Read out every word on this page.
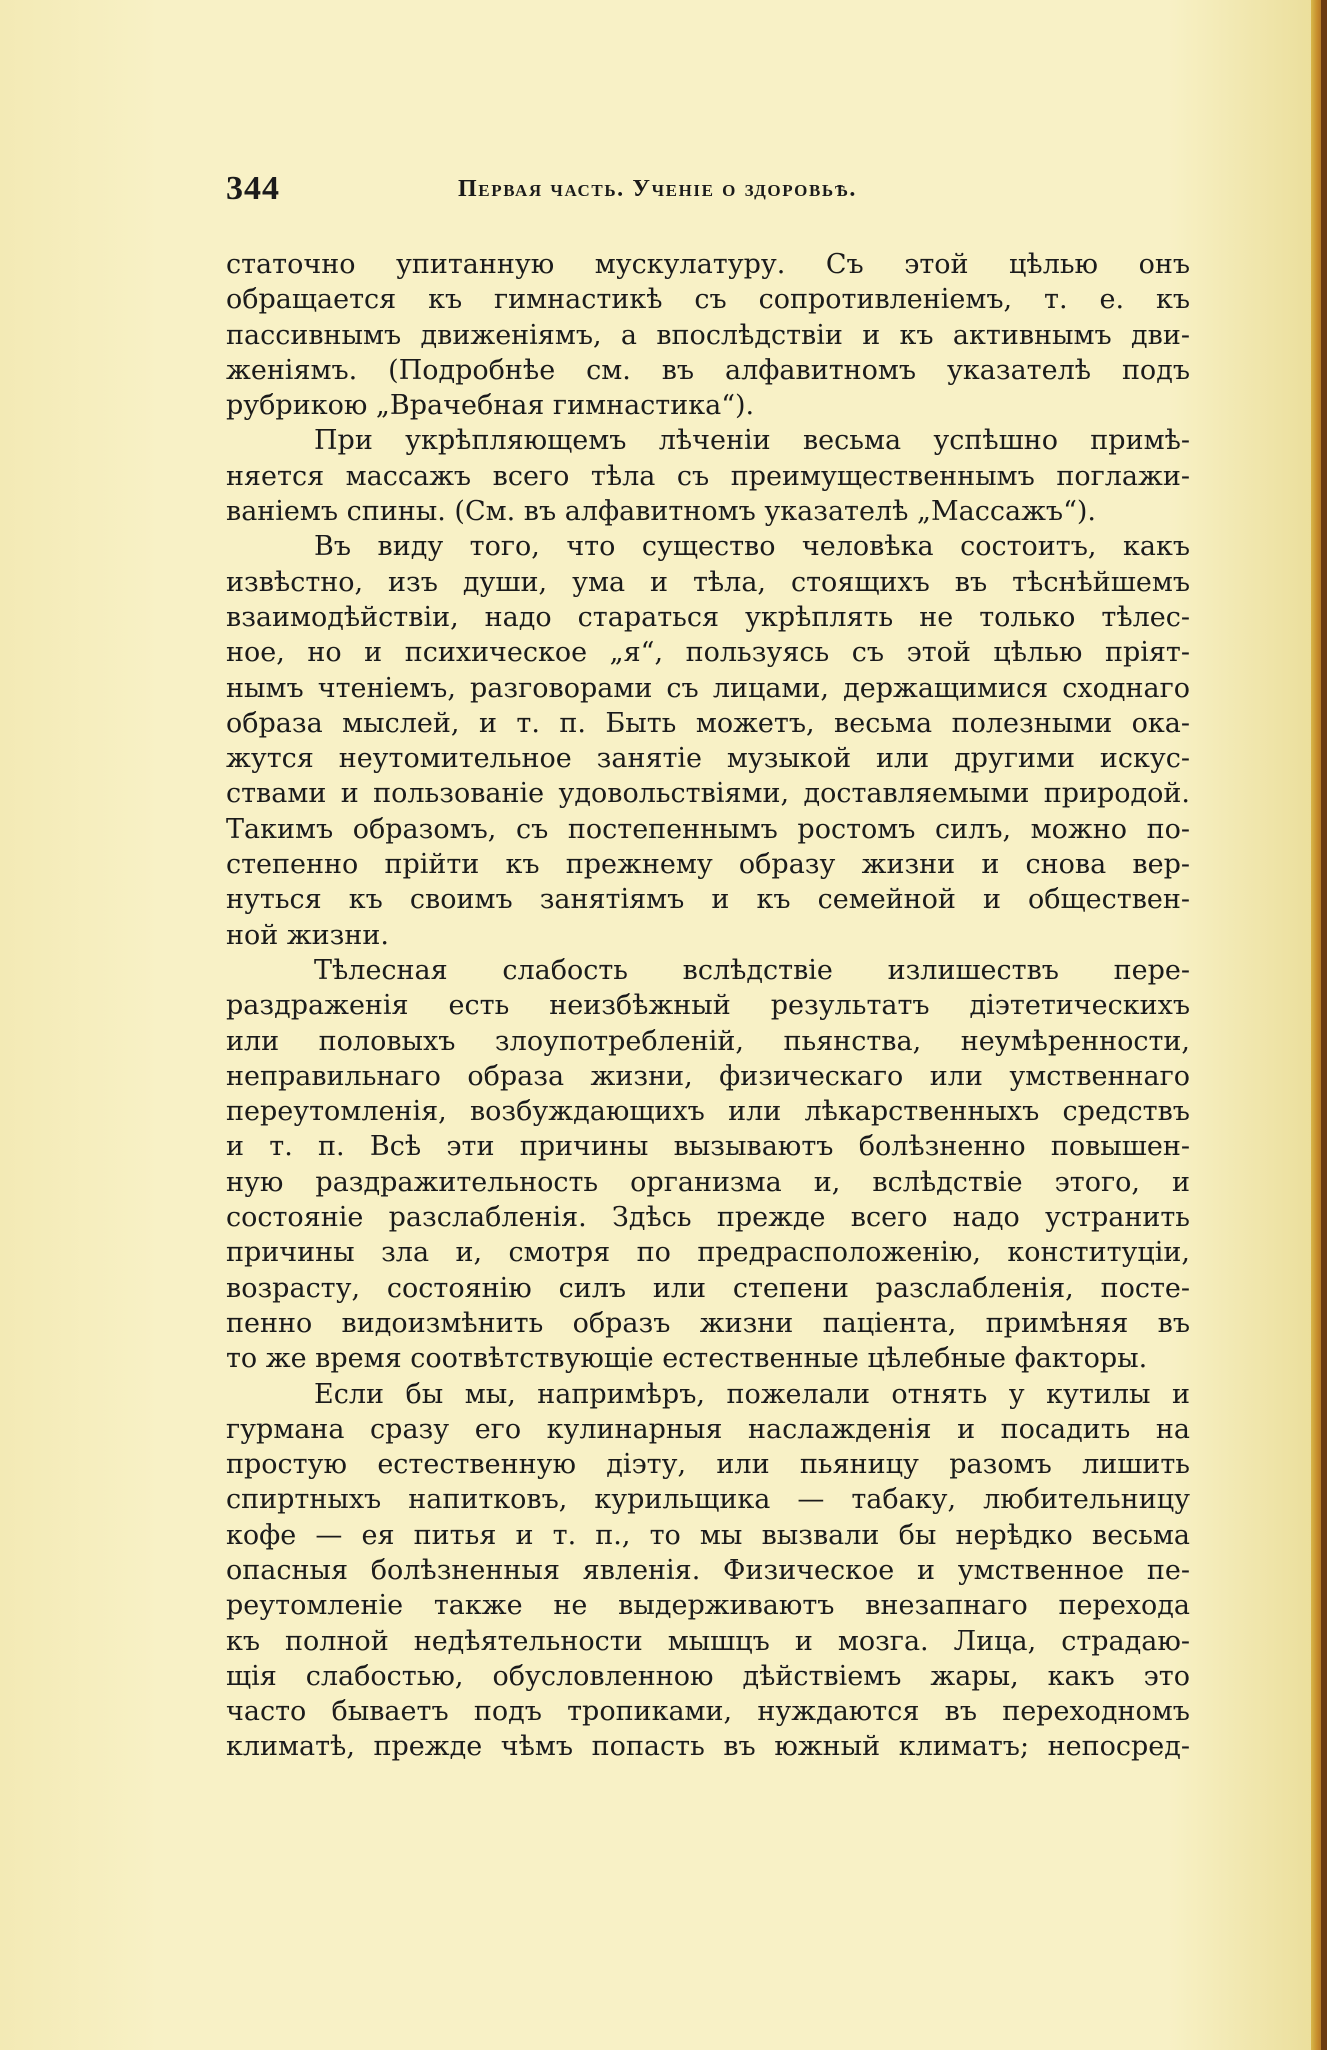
344	Первая часть. Ученіе о здоровьѣ.
статочно упитанную мускулатуру. Съ этой цѣлью онъ
обращается къ гимнастикѣ съ сопротивленіемъ, т. е. къ
пассивнымъ движеніямъ, а впослѣдствіи и къ активнымъ дви-
женіямъ. (Подробнѣе см. въ алфавитномъ указателѣ подъ
рубрикою „Врачебная гимнастика“).
При укрѣпляющемъ лѣченіи весьма успѣшно примѣ-
няется массажъ всего тѣла съ преимущественнымъ поглажи-
ваніемъ спины. (См. въ алфавитномъ указателѣ „Массажъ“).
Въ виду того, что существо человѣка состоитъ, какъ
извѣстно, изъ души, ума и тѣла, стоящихъ въ тѣснѣйшемъ
взаимодѣйствіи, надо стараться укрѣплять не только тѣлес-
ное, но и психическое „я“, пользуясь съ этой цѣлью пріят-
нымъ чтеніемъ, разговорами съ лицами, держащимися сходнаго
образа мыслей, и т. п. Быть можетъ, весьма полезными ока-
жутся неутомительное занятіе музыкой или другими искус-
ствами и пользованіе удовольствіями, доставляемыми природой.
Такимъ образомъ, съ постепеннымъ ростомъ силъ, можно по-
степенно прійти къ прежнему образу жизни и снова вер-
нуться къ своимъ занятіямъ и къ семейной и обществен-
ной жизни.
Тѣлесная слабость вслѣдствіе излишествъ пере-
раздраженія есть неизбѣжный результатъ діэтетическихъ
или половыхъ злоупотребленій, пьянства, неумѣренности,
неправильнаго образа жизни, физическаго или умственнаго
переутомленія, возбуждающихъ или лѣкарственныхъ средствъ
и т. п. Всѣ эти причины вызываютъ болѣзненно повышен-
ную раздражительность организма и, вслѣдствіе этого, и
состояніе разслабленія. Здѣсь прежде всего надо устранить
причины зла и, смотря по предрасположенію, конституціи,
возрасту, состоянію силъ или степени разслабленія, посте-
пенно видоизмѣнить образъ жизни паціента, примѣняя въ
то же время соотвѣтствующіе естественные цѣлебные факторы.
Если бы мы, напримѣръ, пожелали отнять у кутилы и
гурмана сразу его кулинарныя наслажденія и посадить на
простую естественную діэту, или пьяницу разомъ лишить
спиртныхъ напитковъ, курильщика — табаку, любительницу
кофе — ея питья и т. п., то мы вызвали бы нерѣдко весьма
опасныя болѣзненныя явленія. Физическое и умственное пе-
реутомленіе также не выдерживаютъ внезапнаго перехода
къ полной недѣятельности мышцъ и мозга. Лица, страдаю-
щія слабостью, обусловленною дѣйствіемъ жары, какъ это
часто бываетъ подъ тропиками, нуждаются въ переходномъ
климатѣ, прежде чѣмъ попасть въ южный климатъ; непосред-
